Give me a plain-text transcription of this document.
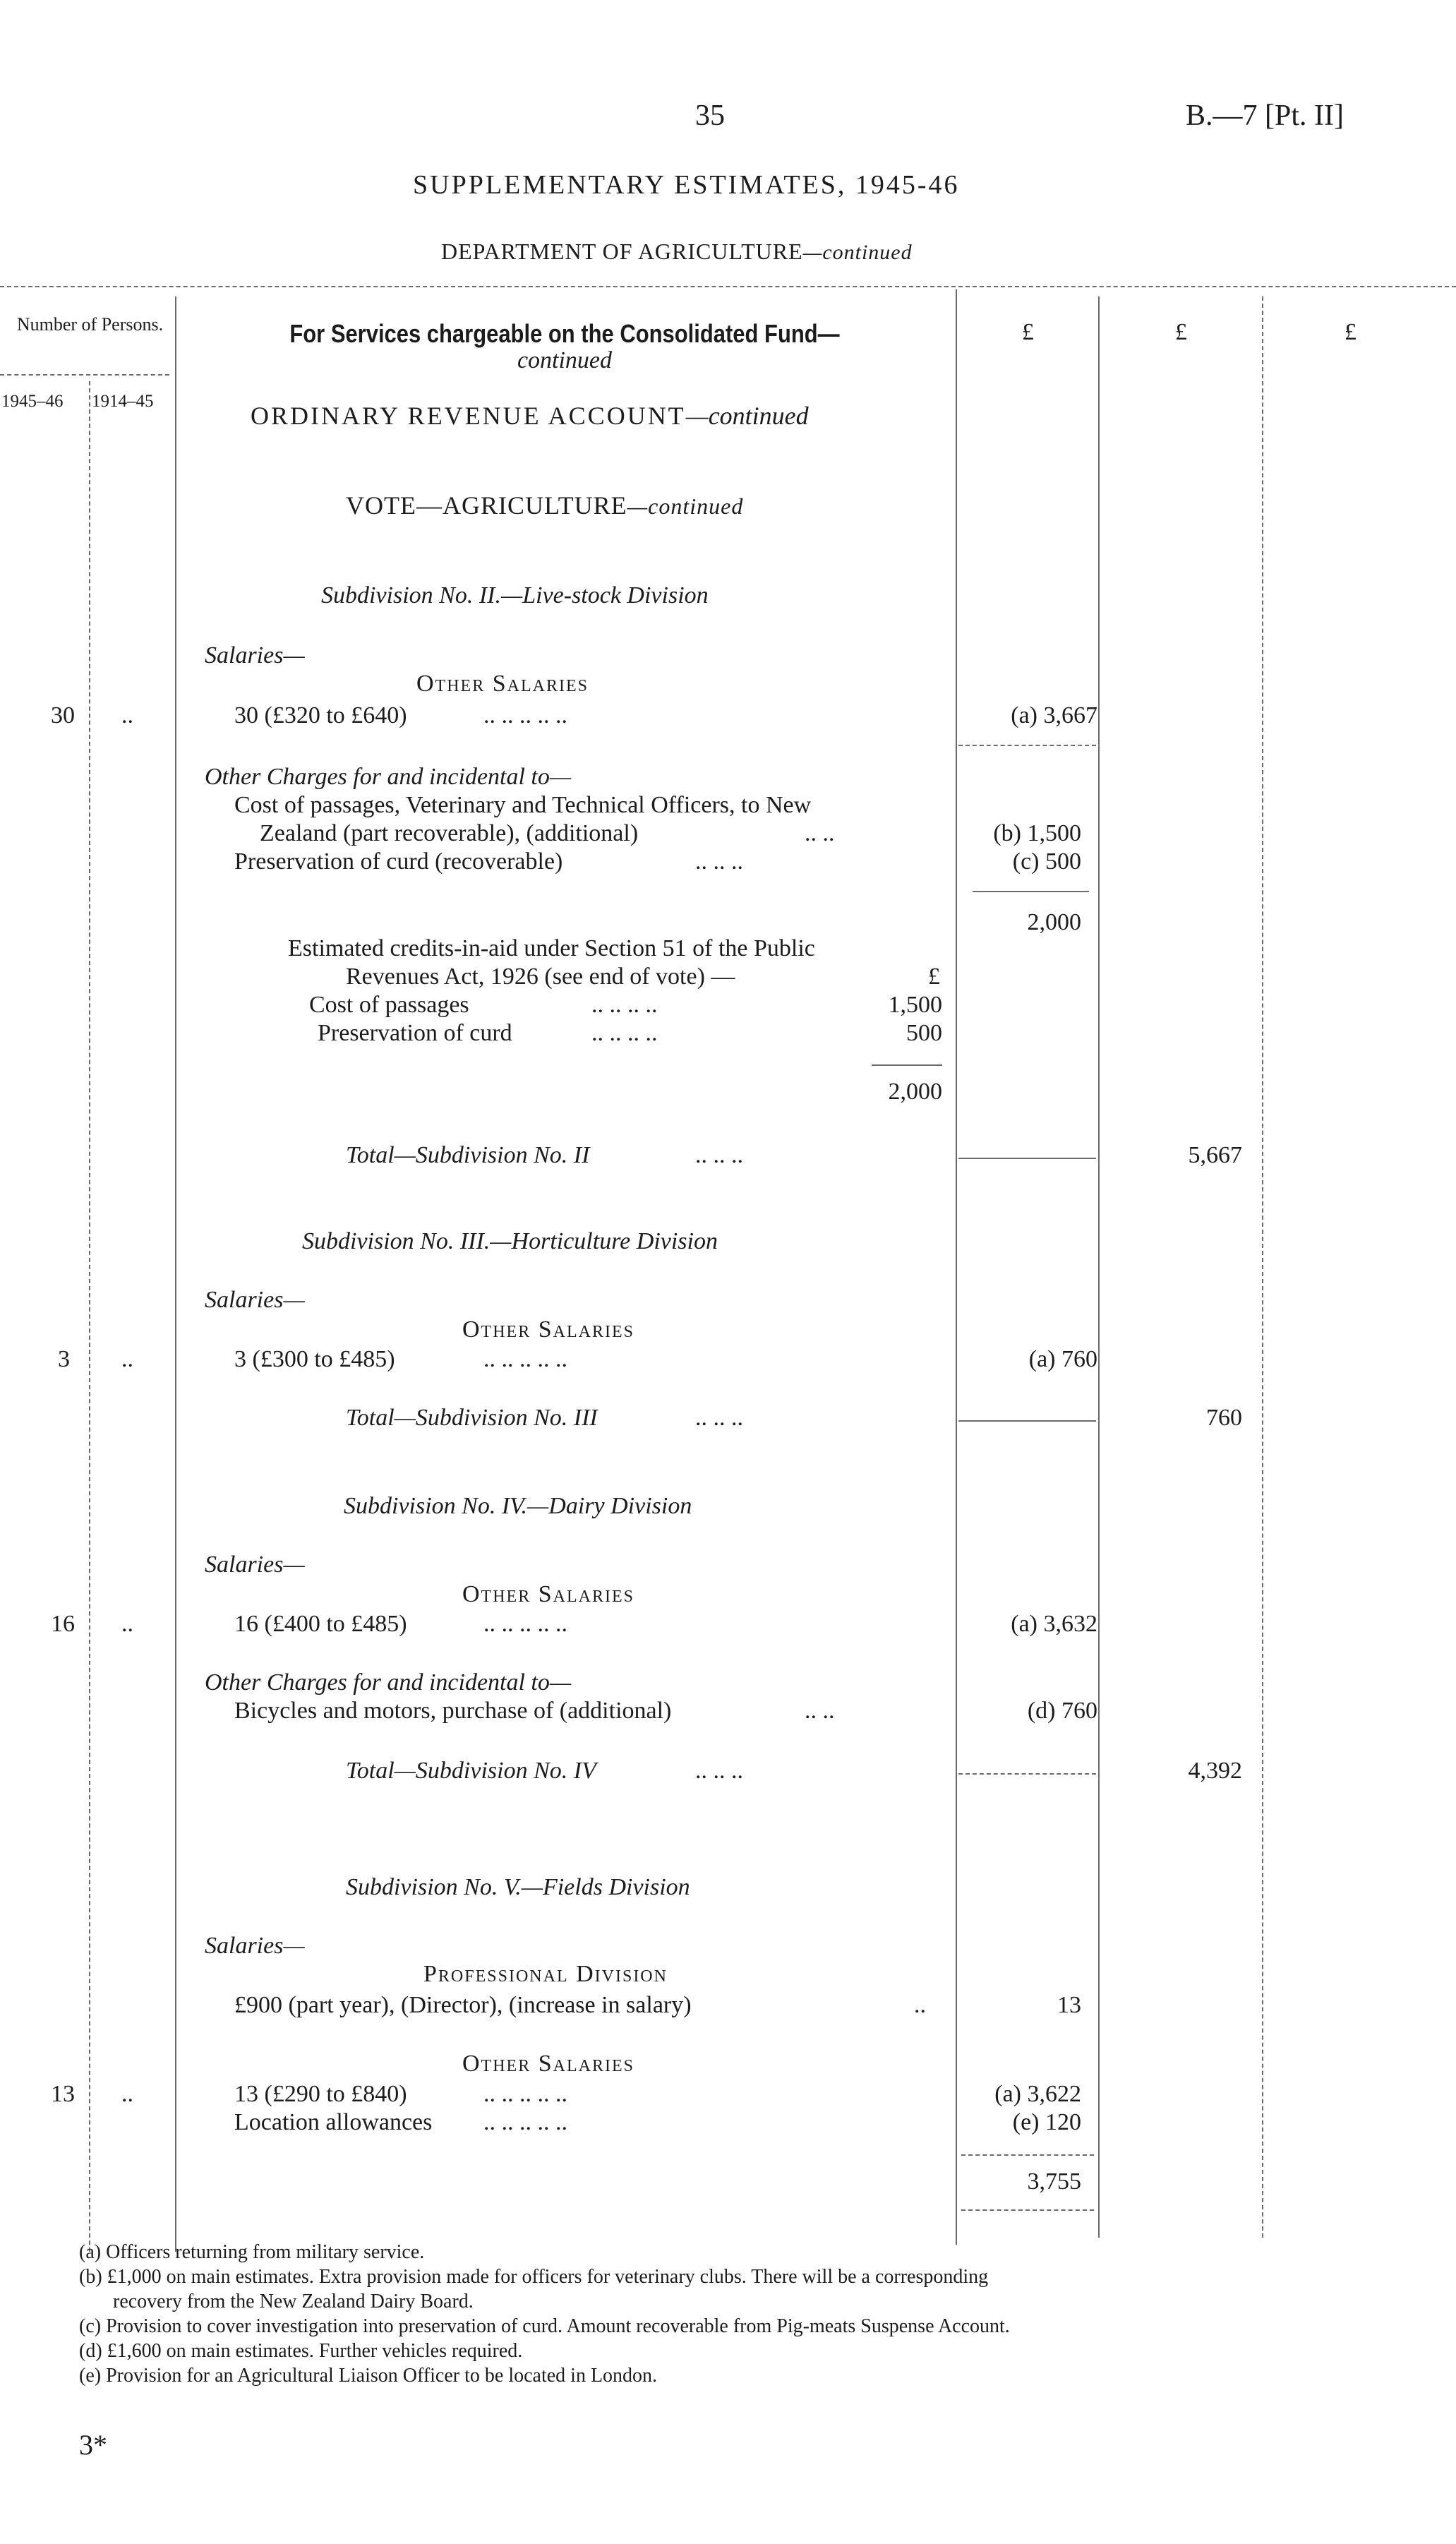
35	B.—7 [Pt. II]
SUPPLEMENTARY ESTIMATES, 1945-46
DEPARTMENT OF AGRICULTURE—continued
Number of Persons.
1945–46 1914–45
For Services chargeable on the Consolidated Fund—
continued
£	£	£
ORDINARY REVENUE ACCOUNT—continued
VOTE—AGRICULTURE—continued
Subdivision No. II.—Live-stock Division
Salaries—
Other Salaries
30 ..	30 (£320 to £640)	.. .. .. .. ..	(a) 3,667
Other Charges for and incidental to—
Cost of passages, Veterinary and Technical Officers, to New
Zealand (part recoverable), (additional)	.. ..	(b) 1,500
Preservation of curd (recoverable)	.. .. ..	(c) 500
2,000
Estimated credits-in-aid under Section 51 of the Public
Revenues Act, 1926 (see end of vote) —	£
Cost of passages	.. .. .. ..	1,500
Preservation of curd	.. .. .. ..	500
2,000
Total—Subdivision No. II	.. .. ..	5,667
Subdivision No. III.—Horticulture Division
Salaries—
Other Salaries
3 ..	3 (£300 to £485)	.. .. .. .. ..	(a) 760
Total—Subdivision No. III	.. .. ..	760
Subdivision No. IV.—Dairy Division
Salaries—
Other Salaries
16 ..	16 (£400 to £485)	.. .. .. .. ..	(a) 3,632
Other Charges for and incidental to—
Bicycles and motors, purchase of (additional)	.. ..	(d) 760
Total—Subdivision No. IV	.. .. ..	4,392
Subdivision No. V.—Fields Division
Salaries—
Professional Division
£900 (part year), (Director), (increase in salary)	..	13
Other Salaries
13 ..	13 (£290 to £840)	.. .. .. .. ..	(a) 3,622
Location allowances .. .. .. .. ..	(e) 120
3,755
(a) Officers returning from military service.
(b) £1,000 on main estimates. Extra provision made for officers for veterinary clubs. There will be a corresponding
recovery from the New Zealand Dairy Board.
(c) Provision to cover investigation into preservation of curd. Amount recoverable from Pig-meats Suspense Account.
(d) £1,600 on main estimates. Further vehicles required.
(e) Provision for an Agricultural Liaison Officer to be located in London.
3*
